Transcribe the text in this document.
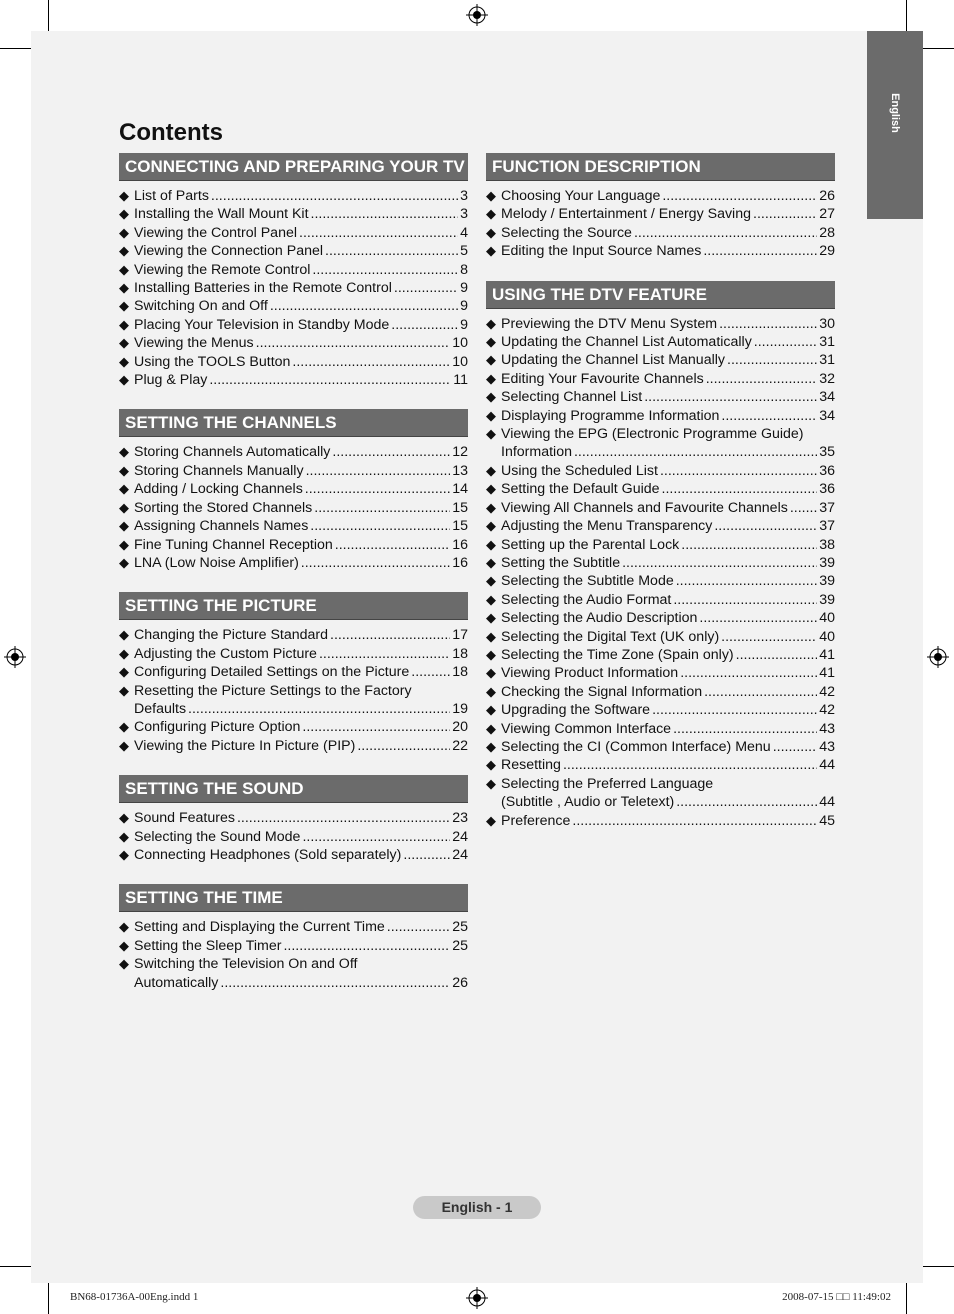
English
Contents
CONNECTING AND PREPARING YOUR TV
◆ List of Parts .....	3
◆ Installing the Wall Mount Kit .....	3
◆ Viewing the Control Panel .....	4
◆ Viewing the Connection Panel .....	5
◆ Viewing the Remote Control .....	8
◆ Installing Batteries in the Remote Control .....	9
◆ Switching On and Off .....	9
◆ Placing Your Television in Standby Mode .....	9
◆ Viewing the Menus .....	10
◆ Using the TOOLS Button .....	10
◆ Plug & Play .....	11
SETTING THE CHANNELS
◆ Storing Channels Automatically .....	12
◆ Storing Channels Manually .....	13
◆ Adding / Locking Channels .....	14
◆ Sorting the Stored Channels .....	15
◆ Assigning Channels Names .....	15
◆ Fine Tuning Channel Reception .....	16
◆ LNA (Low Noise Amplifier) .....	16
SETTING THE PICTURE
◆ Changing the Picture Standard .....	17
◆ Adjusting the Custom Picture .....	18
◆ Configuring Detailed Settings on the Picture .....	18
◆ Resetting the Picture Settings to the Factory
Defaults .....	19
◆ Configuring Picture Option .....	20
◆ Viewing the Picture In Picture (PIP) .....	22
SETTING THE SOUND
◆ Sound Features .....	23
◆ Selecting the Sound Mode .....	24
◆ Connecting Headphones (Sold separately) .....	24
SETTING THE TIME
◆ Setting and Displaying the Current Time .....	25
◆ Setting the Sleep Timer .....	25
◆ Switching the Television On and Off
Automatically .....	26
FUNCTION DESCRIPTION
◆ Choosing Your Language .....	26
◆ Melody / Entertainment / Energy Saving .....	27
◆ Selecting the Source .....	28
◆ Editing the Input Source Names .....	29
USING THE DTV FEATURE
◆ Previewing the DTV Menu System .....	30
◆ Updating the Channel List Automatically .....	31
◆ Updating the Channel List Manually .....	31
◆ Editing Your Favourite Channels .....	32
◆ Selecting Channel List .....	34
◆ Displaying Programme Information .....	34
◆ Viewing the EPG (Electronic Programme Guide)
Information .....	35
◆ Using the Scheduled List .....	36
◆ Setting the Default Guide .....	36
◆ Viewing All Channels and Favourite Channels ..... 37
◆ Adjusting the Menu Transparency .....	37
◆ Setting up the Parental Lock .....	38
◆ Setting the Subtitle .....	39
◆ Selecting the Subtitle Mode .....	39
◆ Selecting the Audio Format .....	39
◆ Selecting the Audio Description .....	40
◆ Selecting the Digital Text (UK only) .....	40
◆ Selecting the Time Zone (Spain only) .....	41
◆ Viewing Product Information .....	41
◆ Checking the Signal Information .....	42
◆ Upgrading the Software .....	42
◆ Viewing Common Interface .....	43
◆ Selecting the CI (Common Interface) Menu .....	43
◆ Resetting .....	44
◆ Selecting the Preferred Language
(Subtitle , Audio or Teletext) .....	44
◆ Preference .....	45
English - 1
BN68-01736A-00Eng.indd 1	2008-07-15 □□ 11:49:02
